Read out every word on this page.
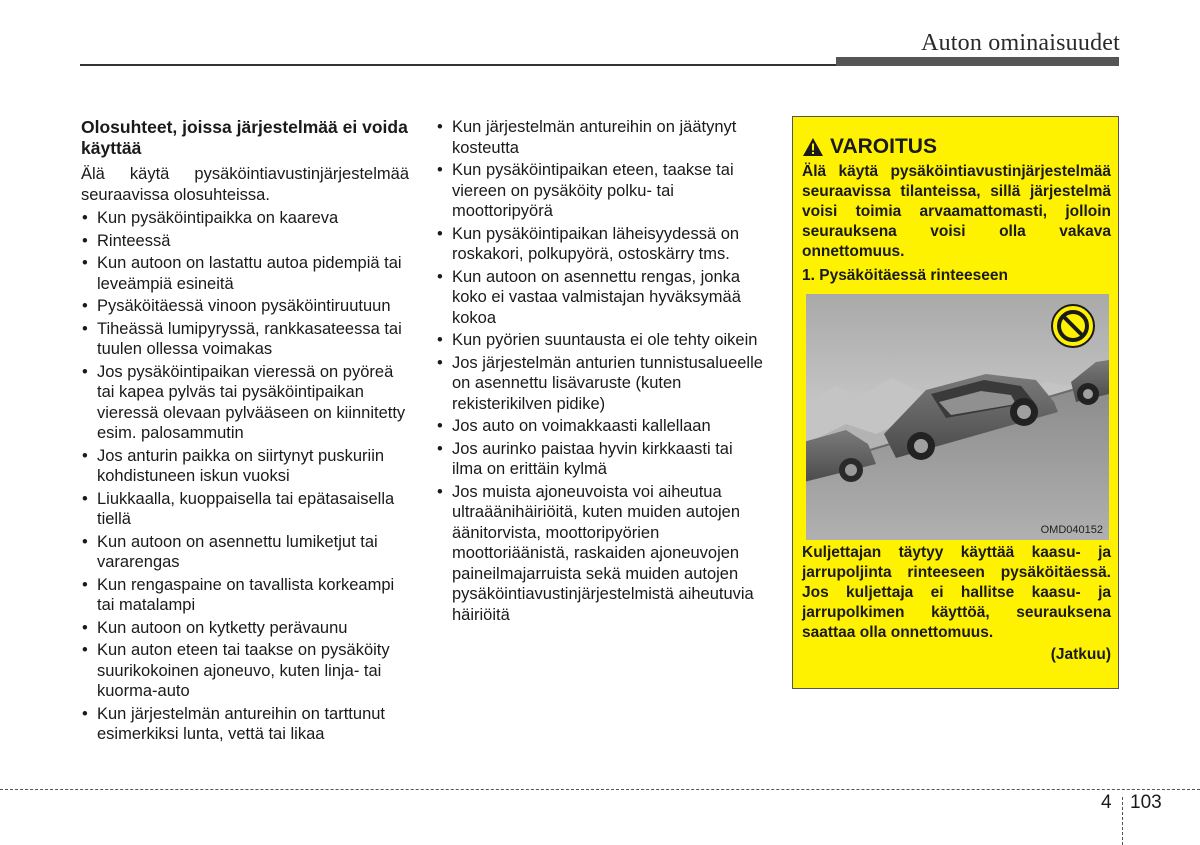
Auton ominaisuudet
Olosuhteet, joissa järjestelmää ei voida käyttää
Älä käytä pysäköintiavustinjärjestelmää seuraavissa olosuhteissa.
• Kun pysäköintipaikka on kaareva
• Rinteessä
• Kun autoon on lastattu autoa pidempiä tai leveämpiä esineitä
• Pysäköitäessä vinoon pysäköintiruutuun
• Tiheässä lumipyryssä, rankkasateessa tai tuulen ollessa voimakas
• Jos pysäköintipaikan vieressä on pyöreä tai kapea pylväs tai pysäköintipaikan vieressä olevaan pylvääseen on kiinnitetty esim. palosammutin
• Jos anturin paikka on siirtynyt puskuriin kohdistuneen iskun vuoksi
• Liukkaalla, kuoppaisella tai epätasaisella tiellä
• Kun autoon on asennettu lumiketjut tai vararengas
• Kun rengaspaine on tavallista korkeampi tai matalampi
• Kun autoon on kytketty perävaunu
• Kun auton eteen tai taakse on pysäköity suurikokoinen ajoneuvo, kuten linja- tai kuorma-auto
• Kun järjestelmän antureihin on tarttunut esimerkiksi lunta, vettä tai likaa
• Kun järjestelmän antureihin on jäätynyt kosteutta
• Kun pysäköintipaikan eteen, taakse tai viereen on pysäköity polku- tai moottoripyörä
• Kun pysäköintipaikan läheisyydessä on roskakori, polkupyörä, ostoskärry tms.
• Kun autoon on asennettu rengas, jonka koko ei vastaa valmistajan hyväksymää kokoa
• Kun pyörien suuntausta ei ole tehty oikein
• Jos järjestelmän anturien tunnistusalueelle on asennettu lisävaruste (kuten rekisterikilven pidike)
• Jos auto on voimakkaasti kallellaan
• Jos aurinko paistaa hyvin kirkkaasti tai ilma on erittäin kylmä
• Jos muista ajoneuvoista voi aiheutua ultraäänihäiriöitä, kuten muiden autojen äänitorvista, moottoripyörien moottoriäänistä, raskaiden ajoneuvojen paineilmajarruista sekä muiden autojen pysäköintiavustinjärjestelmistä aiheutuvia häiriöitä
VAROITUS
Älä käytä pysäköintiavustinjärjestelmää seuraavissa tilanteissa, sillä järjestelmä voisi toimia arvaamattomasti, jolloin seurauksena voisi olla vakava onnettomuus.
1. Pysäköitäessä rinteeseen
OMD040152
Kuljettajan täytyy käyttää kaasu- ja jarrupoljinta rinteeseen pysäköitäessä. Jos kuljettaja ei hallitse kaasu- ja jarrupolkimen käyttöä, seurauksena saattaa olla onnettomuus.
(Jatkuu)
4 103
